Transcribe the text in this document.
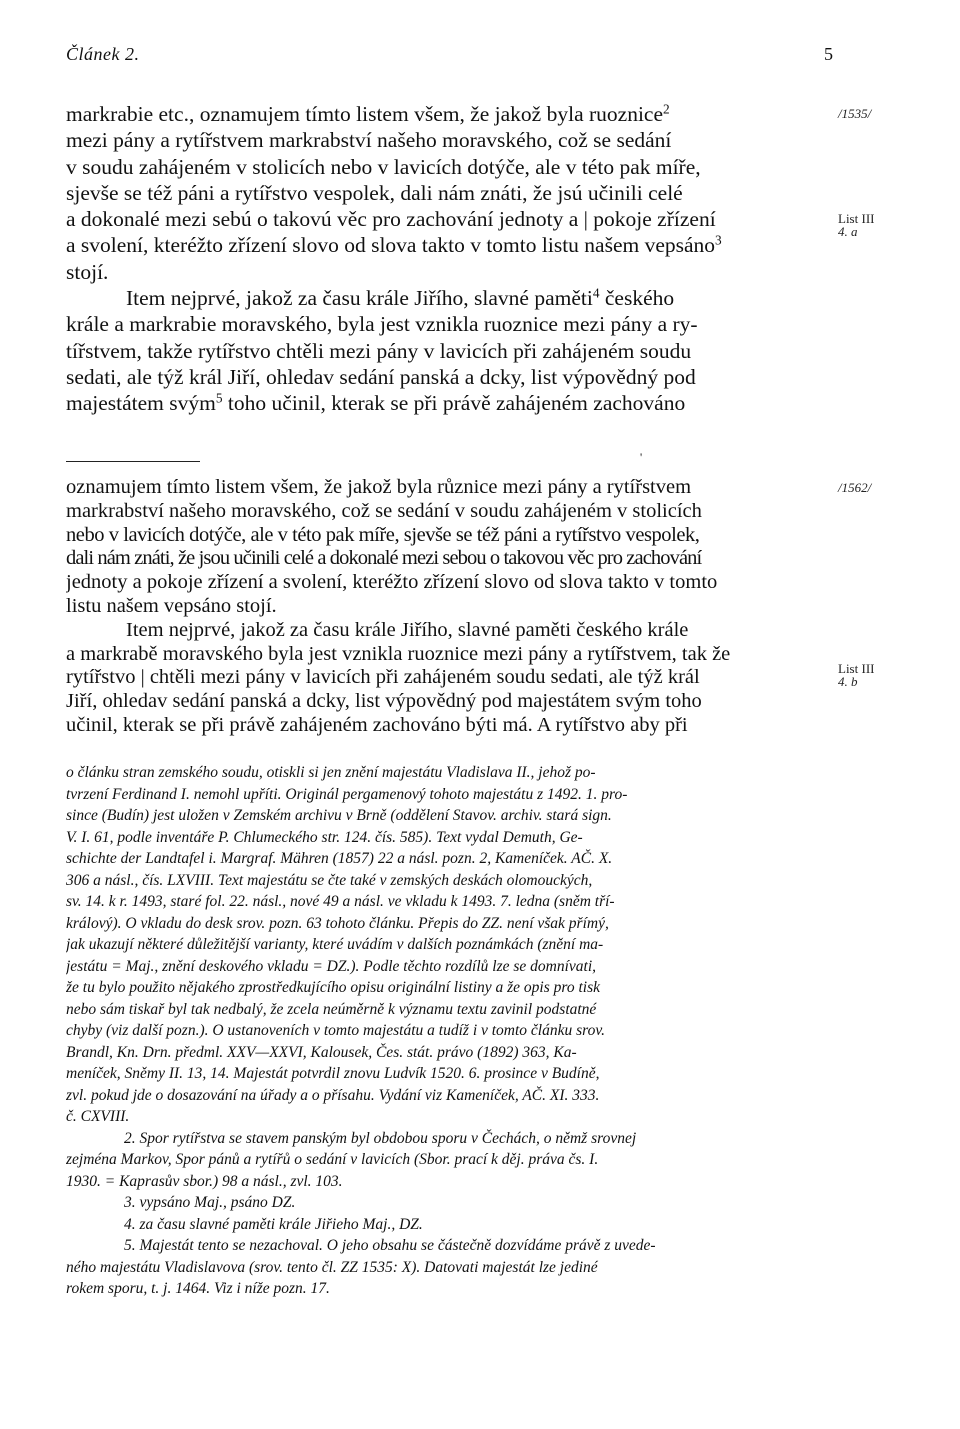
Článek 2.	5
markrabie etc., oznamujem tímto listem všem, že jakož byla ruoznice$^2$
mezi pány a rytířstvem markrabství našeho moravského, což se sedání
v soudu zahájeném v stolicích nebo v lavicích dotýče, ale v této pak míře,
sjevše se též páni a rytířstvo vespolek, dali nám znáti, že jsú učinili celé
a dokonalé mezi sebú o takovú věc pro zachování jednoty a | pokoje zřízení
a svolení, kteréžto zřízení slovo od slova takto v tomto listu našem vepsáno$^3$
stojí.
Item nejprvé, jakož za času krále Jiřího, slavné paměti$^4$ českého
krále a markrabie moravského, byla jest vznikla ruoznice mezi pány a ry-
tířstvem, takže rytířstvo chtěli mezi pány v lavicích při zahájeném soudu
sedati, ale týž král Jiří, ohledav sedání panská a dcky, list výpovědný pod
majestátem svým$^5$ toho učinil, kterak se při právě zahájeném zachováno
/1535/
List III
4. a
'
oznamujem tímto listem všem, že jakož byla různice mezi pány a rytířstvem
markrabství našeho moravského, což se sedání v soudu zahájeném v stolicích
nebo v lavicích dotýče, ale v této pak míře, sjevše se též páni a rytířstvo vespolek,
dali nám znáti, že jsou učinili celé a dokonalé mezi sebou o takovou věc pro zachování
jednoty a pokoje zřízení a svolení, kteréžto zřízení slovo od slova takto v tomto
listu našem vepsáno stojí.
Item nejprvé, jakož za času krále Jiřího, slavné paměti českého krále
a markrabě moravského byla jest vznikla ruoznice mezi pány a rytířstvem, tak že
rytířstvo | chtěli mezi pány v lavicích při zahájeném soudu sedati, ale týž král
Jiří, ohledav sedání panská a dcky, list výpovědný pod majestátem svým toho
učinil, kterak se při právě zahájeném zachováno býti má. A rytířstvo aby při
/1562/
List III
4. b
o článku stran zemského soudu, otiskli si jen znění majestátu Vladislava II., jehož po-
tvrzení Ferdinand I. nemohl upříti. Originál pergamenový tohoto majestátu z 1492. 1. pro-
since (Budín) jest uložen v Zemském archivu v Brně (oddělení Stavov. archiv. stará sign.
V. I. 61, podle inventáře P. Chlumeckého str. 124. čís. 585). Text vydal Demuth, Ge-
schichte der Landtafel i. Margraf. Mähren (1857) 22 a násl. pozn. 2, Kameníček. AČ. X.
306 a násl., čís. LXVIII. Text majestátu se čte také v zemských deskách olomouckých,
sv. 14. k r. 1493, staré fol. 22. násl., nové 49 a násl. ve vkladu k 1493. 7. ledna (sněm tří-
králový). O vkladu do desk srov. pozn. 63 tohoto článku. Přepis do ZZ. není však přímý,
jak ukazují některé důležitější varianty, které uvádím v dalších poznámkách (znění ma-
jestátu = Maj., znění deskového vkladu = DZ.). Podle těchto rozdílů lze se domnívati,
že tu bylo použito nějakého zprostředkujícího opisu originální listiny a že opis pro tisk
nebo sám tiskař byl tak nedbalý, že zcela neúměrně k významu textu zavinil podstatné
chyby (viz další pozn.). O ustanoveních v tomto majestátu a tudíž i v tomto článku srov.
Brandl, Kn. Drn. předml. XXV—XXVI, Kalousek, Čes. stát. právo (1892) 363, Ka-
meníček, Sněmy II. 13, 14. Majestát potvrdil znovu Ludvík 1520. 6. prosince v Budíně,
zvl. pokud jde o dosazování na úřady a o přísahu. Vydání viz Kameníček, AČ. XI. 333.
č. CXVIII.
2. Spor rytířstva se stavem panským byl obdobou sporu v Čechách, o němž srovnej
zejména Markov, Spor pánů a rytířů o sedání v lavicích (Sbor. prací k děj. práva čs. I.
1930. = Kaprasův sbor.) 98 a násl., zvl. 103.
3. vypsáno Maj., psáno DZ.
4. za času slavné paměti krále Jiřieho Maj., DZ.
5. Majestát tento se nezachoval. O jeho obsahu se částečně dozvídáme právě z uvede-
ného majestátu Vladislavova (srov. tento čl. ZZ 1535: X). Datovati majestát lze jediné
rokem sporu, t. j. 1464. Viz i níže pozn. 17.
